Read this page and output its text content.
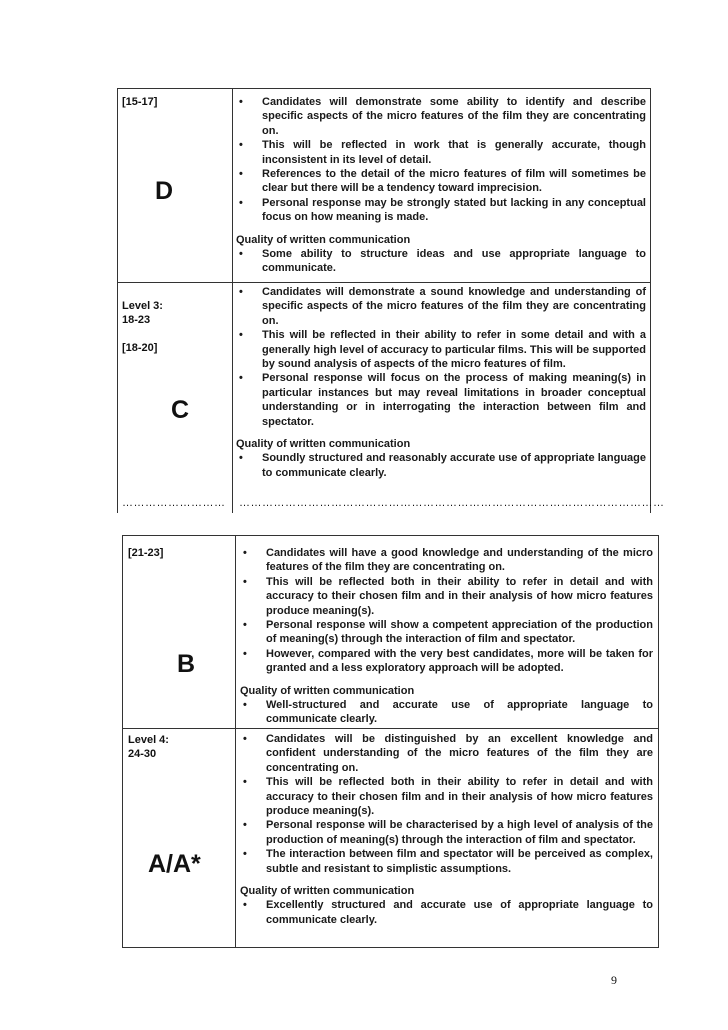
[15-17]
D
• Candidates will demonstrate some ability to identify and describe specific aspects of the micro features of the film they are concentrating on.
• This will be reflected in work that is generally accurate, though inconsistent in its level of detail.
• References to the detail of the micro features of film will sometimes be clear but there will be a tendency toward imprecision.
• Personal response may be strongly stated but lacking in any conceptual focus on how meaning is made.
Quality of written communication
• Some ability to structure ideas and use appropriate language to communicate.
Level 3:
18-23
[18-20]
C
• Candidates will demonstrate a sound knowledge and understanding of specific aspects of the micro features of the film they are concentrating on.
• This will be reflected in their ability to refer in some detail and with a generally high level of accuracy to particular films. This will be supported by sound analysis of aspects of the micro features of film.
• Personal response will focus on the process of making meaning(s) in particular instances but may reveal limitations in broader conceptual understanding or in interrogating the interaction between film and spectator.
Quality of written communication
• Soundly structured and reasonably accurate use of appropriate language to communicate clearly.
……………………… …………………………………………………………………………………………………
[21-23]
B
• Candidates will have a good knowledge and understanding of the micro features of the film they are concentrating on.
• This will be reflected both in their ability to refer in detail and with accuracy to their chosen film and in their analysis of how micro features produce meaning(s).
• Personal response will show a competent appreciation of the production of meaning(s) through the interaction of film and spectator.
• However, compared with the very best candidates, more will be taken for granted and a less exploratory approach will be adopted.
Quality of written communication
• Well-structured and accurate use of appropriate language to communicate clearly.
Level 4:
24-30
A/A*
• Candidates will be distinguished by an excellent knowledge and confident understanding of the micro features of the film they are concentrating on.
• This will be reflected both in their ability to refer in detail and with accuracy to their chosen film and in their analysis of how micro features produce meaning(s).
• Personal response will be characterised by a high level of analysis of the production of meaning(s) through the interaction of film and spectator.
• The interaction between film and spectator will be perceived as complex, subtle and resistant to simplistic assumptions.
Quality of written communication
• Excellently structured and accurate use of appropriate language to communicate clearly.
9
